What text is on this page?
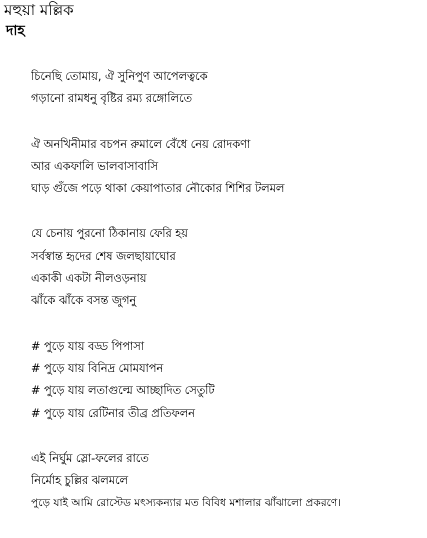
মহুয়া মল্লিক
দাহ
চিনেছি তোমায়, ঐ সুনিপুণ আপেলত্বকে
গড়ানো রামধনু বৃষ্টির রম্য রঙ্গোলিতে
ঐ অনখিনীমার বচপন রুমালে বেঁধে নেয় রোদকণা
আর একফালি ভালবাসাবাসি
ঘাড় গুঁজে পড়ে থাকা কেয়াপাতার নৌকোর শিশির টলমল
যে চেনায় পুরনো ঠিকানায় ফেরি হয়
সর্বস্বান্ত হৃদের শেষ জলছায়াঘোর
একাকী একটা নীলওড়নায়
ঝাঁকে ঝাঁকে বসন্ত জুগনু
# পুড়ে যায় বড্ড পিপাসা
# পুড়ে যায় বিনিদ্র মোমযাপন
# পুড়ে যায় লতাগুল্মে আচ্ছাদিত সেতুটি
# পুড়ে যায় রেটিনার তীব্র প্রতিফলন
এই নির্ঘুম স্লো-ফলের রাতে
নির্মোহ চুল্লির ঝলমলে
পুড়ে যাই আমি রোস্টেড মৎস্যকন্যার মত বিবিধ মশালার ঝাঁঝালো প্রকরণে।
